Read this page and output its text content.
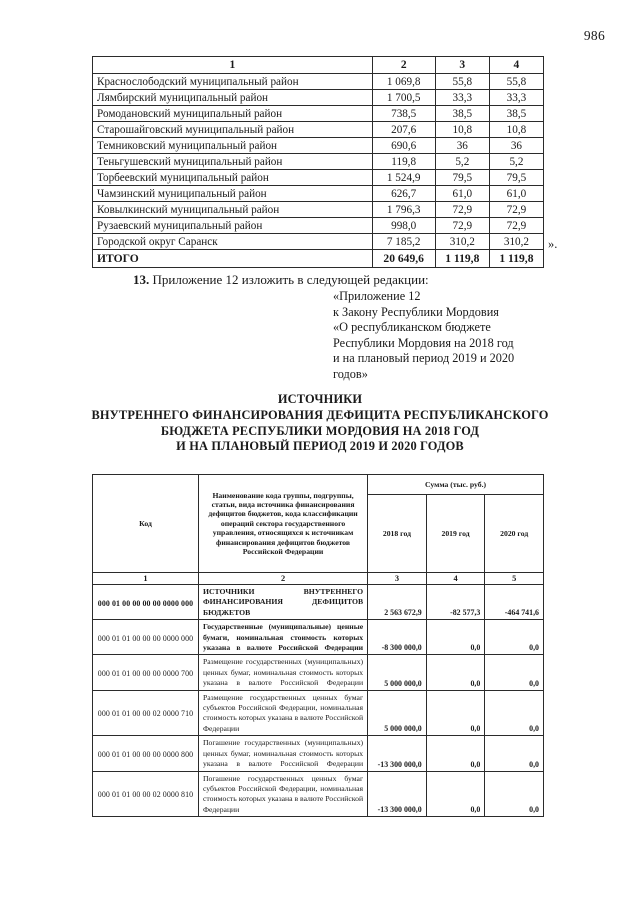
986
1	2	3	4
Краснослободский муниципальный район	1 069,8	55,8	55,8
Лямбирский муниципальный район	1 700,5	33,3	33,3
Ромодановский муниципальный район	738,5	38,5	38,5
Старошайговский муниципальный район	207,6	10,8	10,8
Темниковский муниципальный район	690,6	36	36
Теньгушевский муниципальный район	119,8	5,2	5,2
Торбеевский муниципальный район	1 524,9	79,5	79,5
Чамзинский муниципальный район	626,7	61,0	61,0
Ковылкинский муниципальный район	1 796,3	72,9	72,9
Рузаевский муниципальный район	998,0	72,9	72,9
Городской округ Саранск	7 185,2	310,2	310,2
ИТОГО	20 649,6	1 119,8	1 119,8
».
13. Приложение 12 изложить в следующей редакции:
«Приложение 12
к Закону Республики Мордовия
«О республиканском бюджете
Республики Мордовия на 2018 год
и на плановый период 2019 и 2020
годов»
ИСТОЧНИКИ
ВНУТРЕННЕГО ФИНАНСИРОВАНИЯ ДЕФИЦИТА РЕСПУБЛИКАНСКОГО
БЮДЖЕТА РЕСПУБЛИКИ МОРДОВИЯ НА 2018 ГОД
И НА ПЛАНОВЫЙ ПЕРИОД 2019 И 2020 ГОДОВ
Код	Наименование кода группы, подгруппы, статьи, вида источника финансирования дефицитов бюджетов, кода классификации операций сектора государственного управления, относящихся к источникам финансирования дефицитов бюджетов Российской Федерации	Сумма (тыс. руб.)		
		2018 год	2019 год	2020 год
1	2	3	4	5
000 01 00 00 00 00 0000 000	ИСТОЧНИКИ ВНУТРЕННЕГО ФИНАНСИРОВАНИЯ ДЕФИЦИТОВ БЮДЖЕТОВ	2 563 672,9	-82 577,3	-464 741,6
000 01 01 00 00 00 0000 000	Государственные (муниципальные) ценные бумаги, номинальная стоимость которых указана в валюте Российской Федерации	-8 300 000,0	0,0	0,0
000 01 01 00 00 00 0000 700	Размещение государственных (муниципальных) ценных бумаг, номинальная стоимость которых указана в валюте Российской Федерации	5 000 000,0	0,0	0,0
000 01 01 00 00 02 0000 710	Размещение государственных ценных бумаг субъектов Российской Федерации, номинальная стоимость которых указана в валюте Российской Федерации	5 000 000,0	0,0	0,0
000 01 01 00 00 00 0000 800	Погашение государственных (муниципальных) ценных бумаг, номинальная стоимость которых указана в валюте Российской Федерации	-13 300 000,0	0,0	0,0
000 01 01 00 00 02 0000 810	Погашение государственных ценных бумаг субъектов Российской Федерации, номинальная стоимость которых указана в валюте Российской Федерации	-13 300 000,0	0,0	0,0
